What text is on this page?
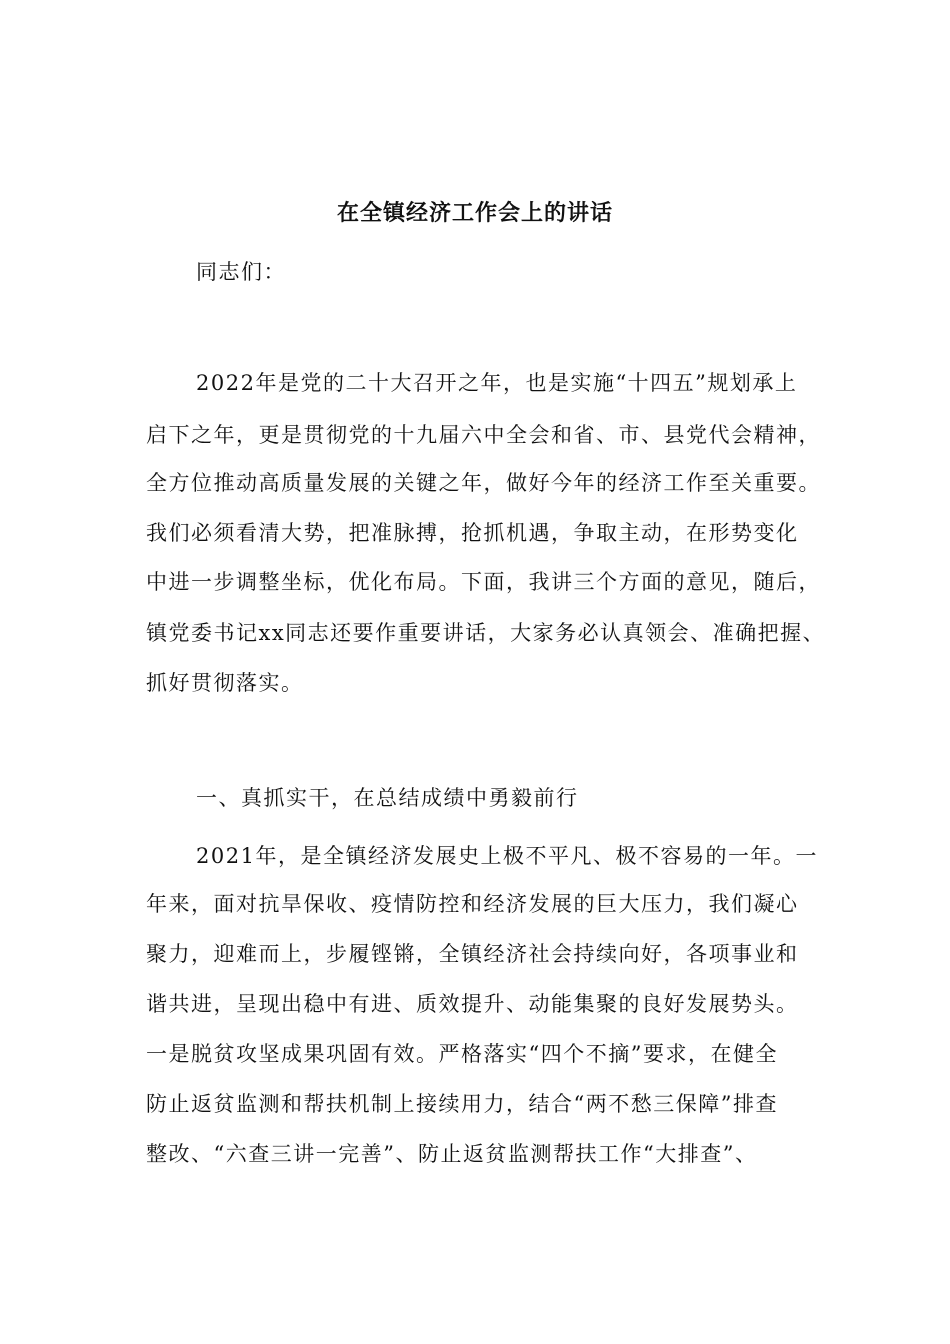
在全镇经济工作会上的讲话

同志们：

2022年是党的二十大召开之年，也是实施“十四五”规划承上

启下之年，更是贯彻党的十九届六中全会和省、市、县党代会精神，

全方位推动高质量发展的关键之年，做好今年的经济工作至关重要。

我们必须看清大势，把准脉搏，抢抓机遇，争取主动，在形势变化

中进一步调整坐标，优化布局。下面，我讲三个方面的意见，随后，

镇党委书记xx同志还要作重要讲话，大家务必认真领会、准确把握、

抓好贯彻落实。

一、真抓实干，在总结成绩中勇毅前行

2021年，是全镇经济发展史上极不平凡、极不容易的一年。一

年来，面对抗旱保收、疫情防控和经济发展的巨大压力，我们凝心

聚力，迎难而上，步履铿锵，全镇经济社会持续向好，各项事业和

谐共进，呈现出稳中有进、质效提升、动能集聚的良好发展势头。

一是脱贫攻坚成果巩固有效。严格落实“四个不摘”要求，在健全

防止返贫监测和帮扶机制上接续用力，结合“两不愁三保障”排查

整改、“六查三讲一完善”、防止返贫监测帮扶工作“大排查”、
